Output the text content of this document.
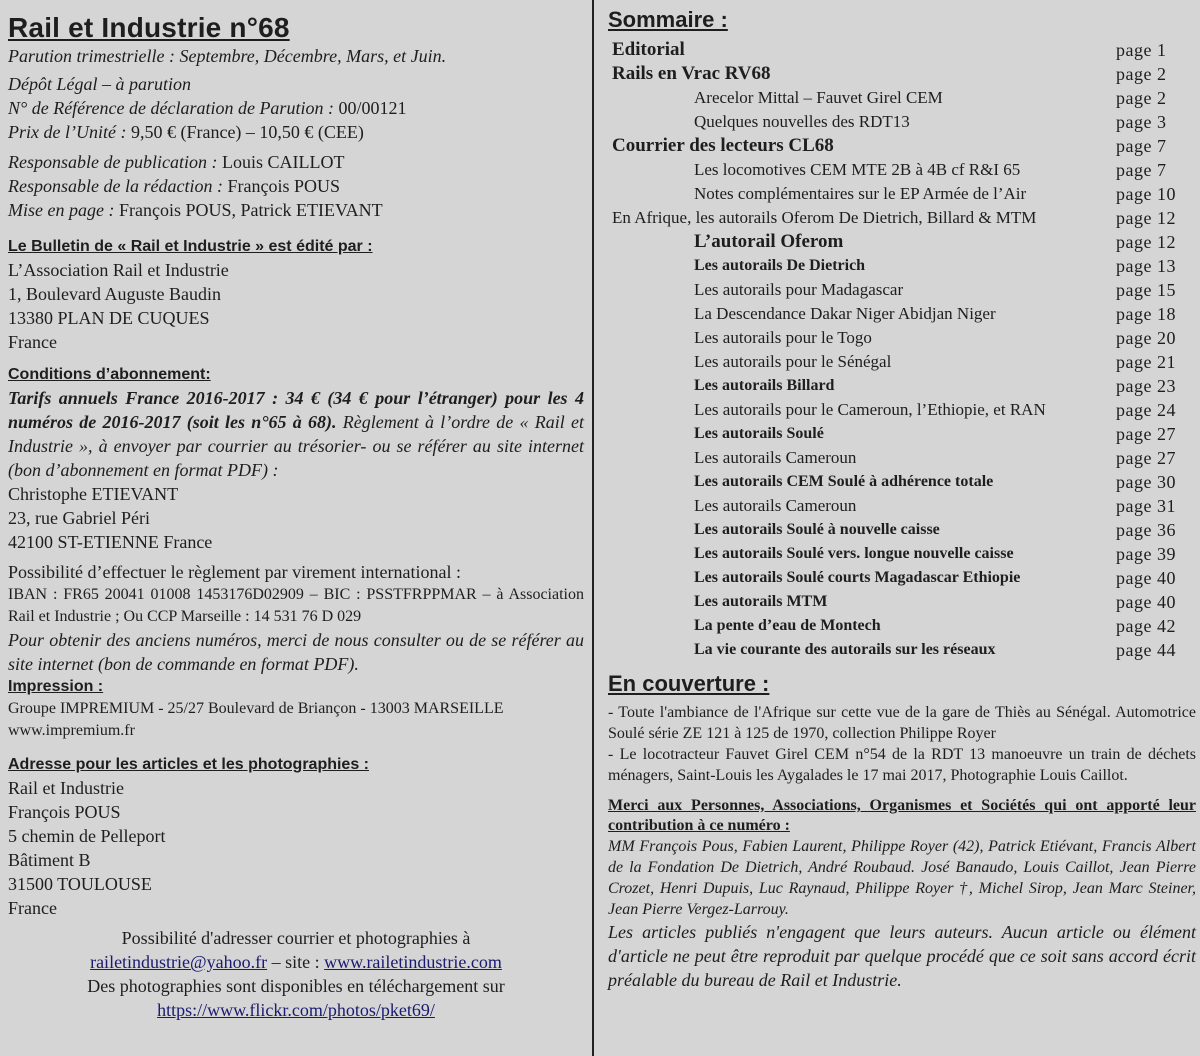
Rail et Industrie n°68
Parution trimestrielle : Septembre, Décembre, Mars, et Juin.
Dépôt Légal – à parution
N° de Référence de déclaration de Parution : 00/00121
Prix de l’Unité : 9,50 € (France) – 10,50 € (CEE)
Responsable de publication : Louis CAILLOT
Responsable de la rédaction : François POUS
Mise en page : François POUS, Patrick ETIEVANT
Le Bulletin de « Rail et Industrie » est édité par :
L’Association Rail et Industrie
1, Boulevard Auguste Baudin
13380 PLAN DE CUQUES
France
Conditions d’abonnement:
Tarifs annuels France 2016-2017 : 34 € (34 € pour l’étranger) pour les 4 numéros de 2016-2017 (soit les n°65 à 68). Règlement à l’ordre de « Rail et Industrie », à envoyer par courrier au trésorier- ou se référer au site internet (bon d’abonnement en format PDF) :
Christophe ETIEVANT
23, rue Gabriel Péri
42100 ST-ETIENNE France
Possibilité d’effectuer le règlement par virement international :
IBAN : FR65 20041 01008 1453176D02909 – BIC : PSSTFRPPMAR – à Association Rail et Industrie ; Ou CCP Marseille : 14 531 76 D 029
Pour obtenir des anciens numéros, merci de nous consulter ou de se référer au site internet (bon de commande en format PDF).
Impression :
Groupe IMPREMIUM - 25/27 Boulevard de Briançon - 13003 MARSEILLE
www.impremium.fr
Adresse pour les articles et les photographies :
Rail et Industrie
François POUS
5 chemin de Pelleport
Bâtiment B
31500 TOULOUSE
France
Possibilité d'adresser courrier et photographies à
railetindustrie@yahoo.fr – site : www.railetindustrie.com
Des photographies sont disponibles en téléchargement sur
https://www.flickr.com/photos/pket69/
Sommaire :
Editorial	page 1
Rails en Vrac RV68	page 2
Arecelor Mittal – Fauvet Girel CEM	page 2
Quelques nouvelles des RDT13	page 3
Courrier des lecteurs CL68	page 7
Les locomotives CEM MTE 2B à 4B cf R&I 65	page 7
Notes complémentaires sur le EP Armée de l’Air	page 10
En Afrique, les autorails Oferom De Dietrich, Billard & MTM	page 12
L’autorail Oferom	page 12
Les autorails De Dietrich	page 13
Les autorails pour Madagascar	page 15
La Descendance Dakar Niger Abidjan Niger	page 18
Les autorails pour le Togo	page 20
Les autorails pour le Sénégal	page 21
Les autorails Billard	page 23
Les autorails pour le Cameroun, l’Ethiopie, et RAN	page 24
Les autorails Soulé	page 27
Les autorails Cameroun	page 27
Les autorails CEM Soulé à adhérence totale	page 30
Les autorails Cameroun	page 31
Les autorails Soulé à nouvelle caisse	page 36
Les autorails Soulé vers. longue nouvelle caisse	page 39
Les autorails Soulé courts Magadascar Ethiopie	page 40
Les autorails MTM	page 40
La pente d’eau de Montech	page 42
La vie courante des autorails sur les réseaux	page 44
En couverture :
- Toute l'ambiance de l'Afrique sur cette vue de la gare de Thiès au Sénégal. Automotrice Soulé série ZE 121 à 125 de 1970, collection Philippe Royer
- Le locotracteur Fauvet Girel CEM n°54 de la RDT 13 manoeuvre un train de déchets ménagers, Saint-Louis les Aygalades le 17 mai 2017, Photographie Louis Caillot.
Merci aux Personnes, Associations, Organismes et Sociétés qui ont apporté leur contribution à ce numéro :
MM François Pous, Fabien Laurent, Philippe Royer (42), Patrick Etiévant, Francis Albert de la Fondation De Dietrich, André Roubaud. José Banaudo, Louis Caillot, Jean Pierre Crozet, Henri Dupuis, Luc Raynaud, Philippe Royer †, Michel Sirop, Jean Marc Steiner, Jean Pierre Vergez-Larrouy.
Les articles publiés n'engagent que leurs auteurs. Aucun article ou élément d'article ne peut être reproduit par quelque procédé que ce soit sans accord écrit préalable du bureau de Rail et Industrie.
